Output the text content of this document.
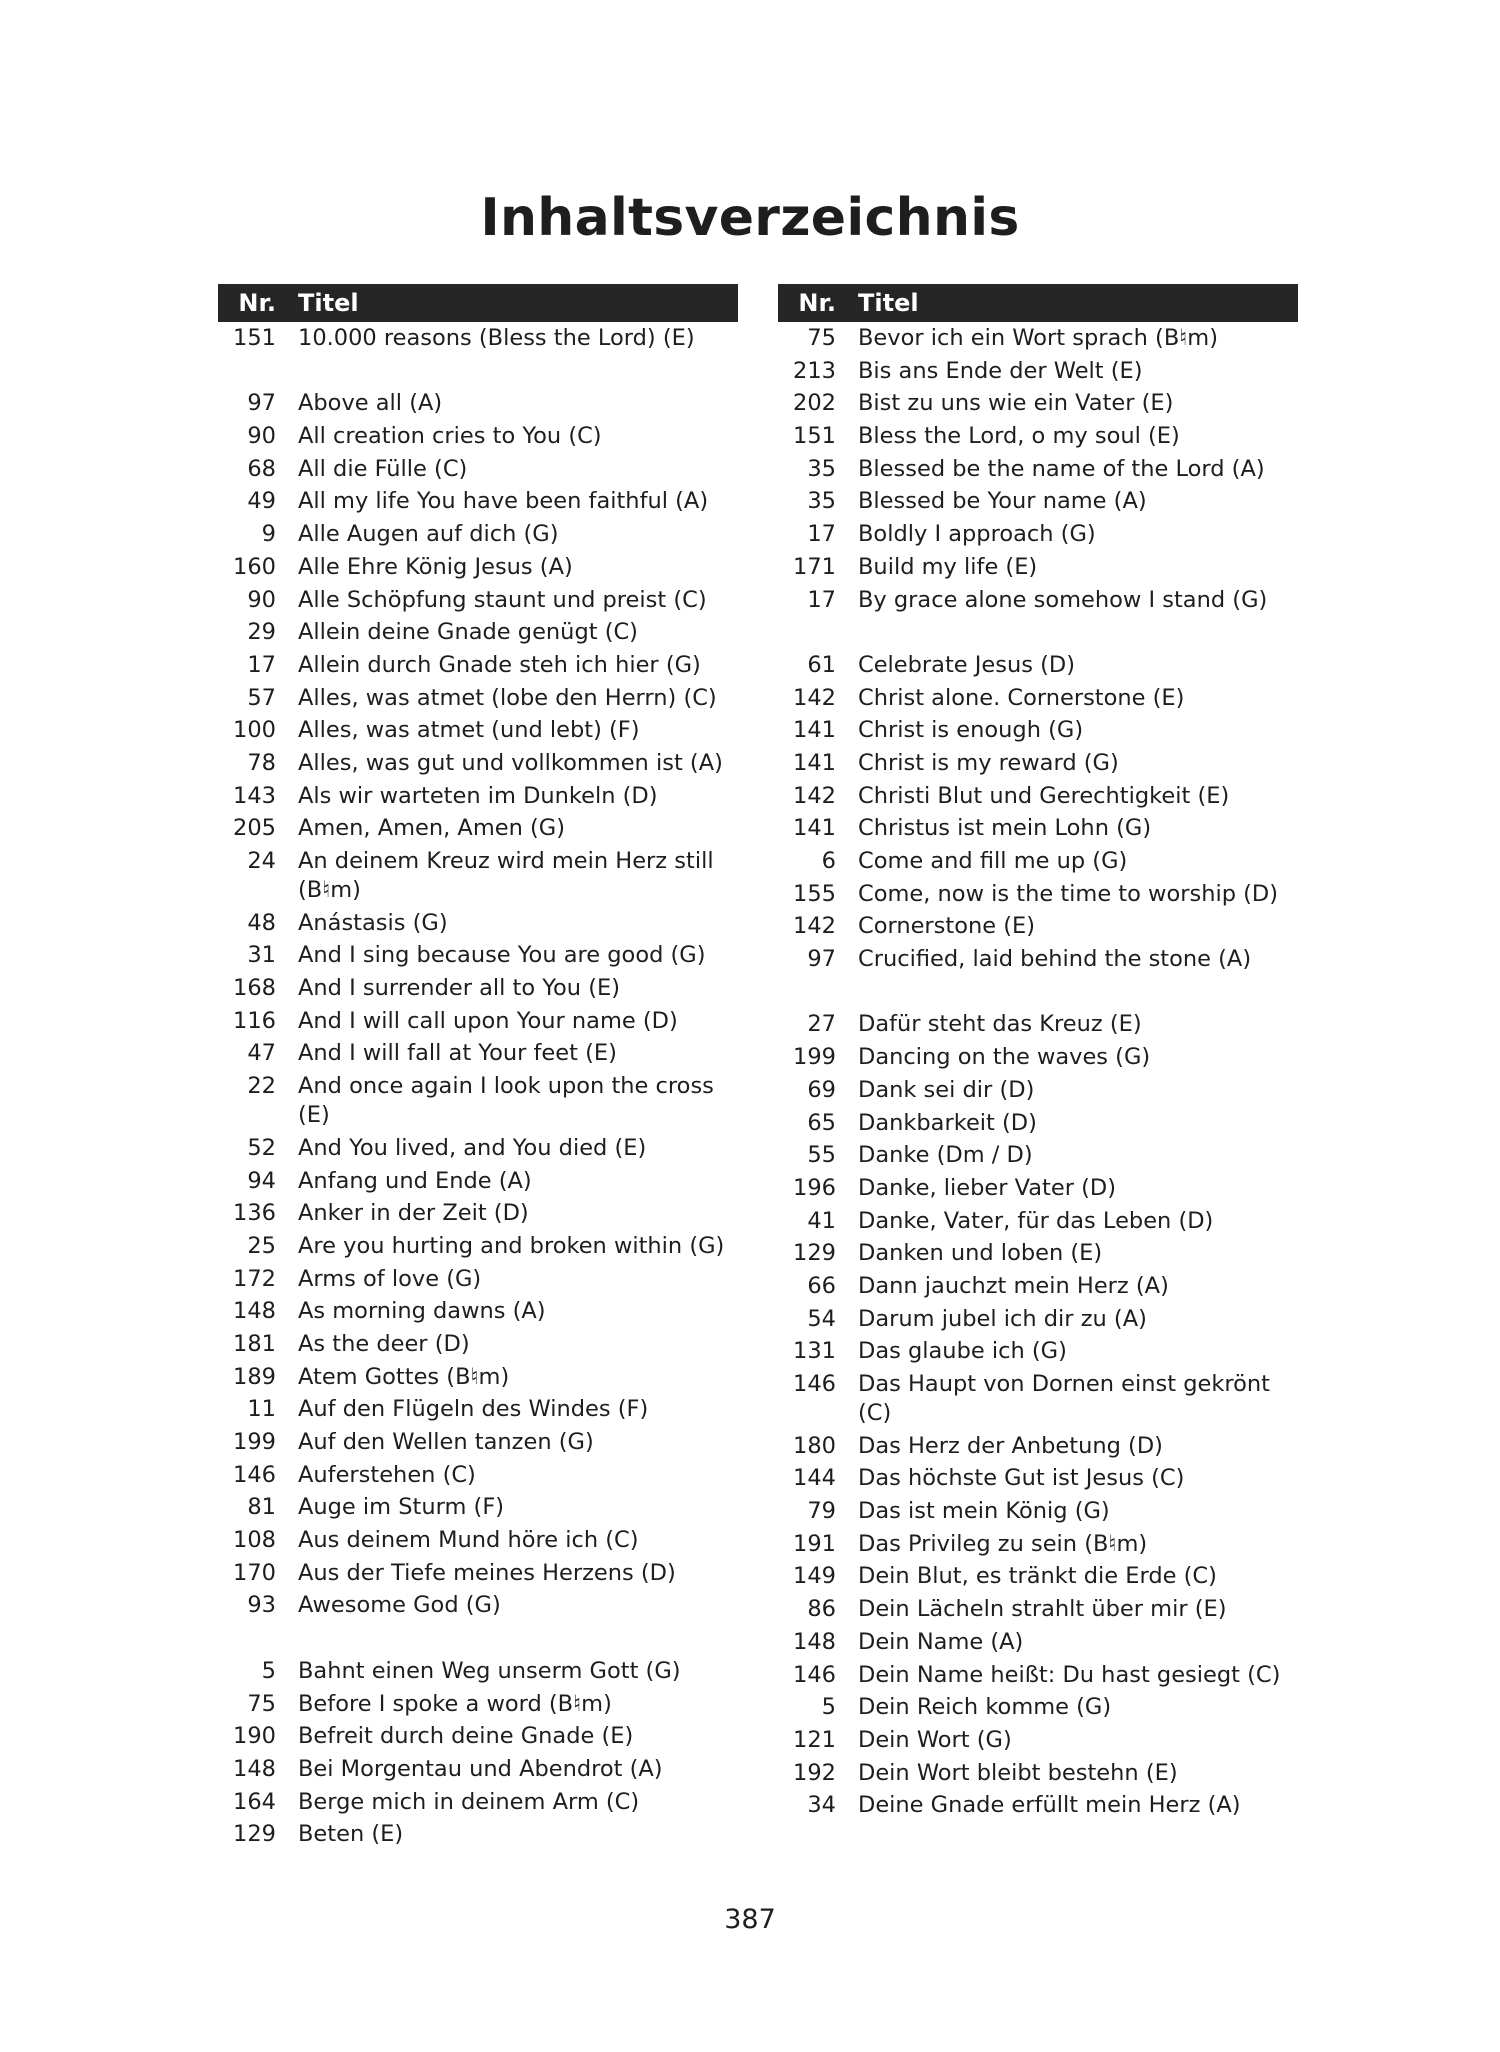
Inhaltsverzeichnis
Nr. Titel
151 10.000 reasons (Bless the Lord) (E)
97 Above all (A)
90 All creation cries to You (C)
68 All die Fülle (C)
49 All my life You have been faithful (A)
9 Alle Augen auf dich (G)
160 Alle Ehre König Jesus (A)
90 Alle Schöpfung staunt und preist (C)
29 Allein deine Gnade genügt (C)
17 Allein durch Gnade steh ich hier (G)
57 Alles, was atmet (lobe den Herrn) (C)
100 Alles, was atmet (und lebt) (F)
78 Alles, was gut und vollkommen ist (A)
143 Als wir warteten im Dunkeln (D)
205 Amen, Amen, Amen (G)
24 An deinem Kreuz wird mein Herz still (B♮m)
48 Anástasis (G)
31 And I sing because You are good (G)
168 And I surrender all to You (E)
116 And I will call upon Your name (D)
47 And I will fall at Your feet (E)
22 And once again I look upon the cross (E)
52 And You lived, and You died (E)
94 Anfang und Ende (A)
136 Anker in der Zeit (D)
25 Are you hurting and broken within (G)
172 Arms of love (G)
148 As morning dawns (A)
181 As the deer (D)
189 Atem Gottes (B♮m)
11 Auf den Flügeln des Windes (F)
199 Auf den Wellen tanzen (G)
146 Auferstehen (C)
81 Auge im Sturm (F)
108 Aus deinem Mund höre ich (C)
170 Aus der Tiefe meines Herzens (D)
93 Awesome God (G)
5 Bahnt einen Weg unserm Gott (G)
75 Before I spoke a word (B♮m)
190 Befreit durch deine Gnade (E)
148 Bei Morgentau und Abendrot (A)
164 Berge mich in deinem Arm (C)
129 Beten (E)
Nr. Titel
75 Bevor ich ein Wort sprach (B♮m)
213 Bis ans Ende der Welt (E)
202 Bist zu uns wie ein Vater (E)
151 Bless the Lord, o my soul (E)
35 Blessed be the name of the Lord (A)
35 Blessed be Your name (A)
17 Boldly I approach (G)
171 Build my life (E)
17 By grace alone somehow I stand (G)
61 Celebrate Jesus (D)
142 Christ alone. Cornerstone (E)
141 Christ is enough (G)
141 Christ is my reward (G)
142 Christi Blut und Gerechtigkeit (E)
141 Christus ist mein Lohn (G)
6 Come and fill me up (G)
155 Come, now is the time to worship (D)
142 Cornerstone (E)
97 Crucified, laid behind the stone (A)
27 Dafür steht das Kreuz (E)
199 Dancing on the waves (G)
69 Dank sei dir (D)
65 Dankbarkeit (D)
55 Danke (Dm / D)
196 Danke, lieber Vater (D)
41 Danke, Vater, für das Leben (D)
129 Danken und loben (E)
66 Dann jauchzt mein Herz (A)
54 Darum jubel ich dir zu (A)
131 Das glaube ich (G)
146 Das Haupt von Dornen einst gekrönt (C)
180 Das Herz der Anbetung (D)
144 Das höchste Gut ist Jesus (C)
79 Das ist mein König (G)
191 Das Privileg zu sein (B♮m)
149 Dein Blut, es tränkt die Erde (C)
86 Dein Lächeln strahlt über mir (E)
148 Dein Name (A)
146 Dein Name heißt: Du hast gesiegt (C)
5 Dein Reich komme (G)
121 Dein Wort (G)
192 Dein Wort bleibt bestehn (E)
34 Deine Gnade erfüllt mein Herz (A)
387
